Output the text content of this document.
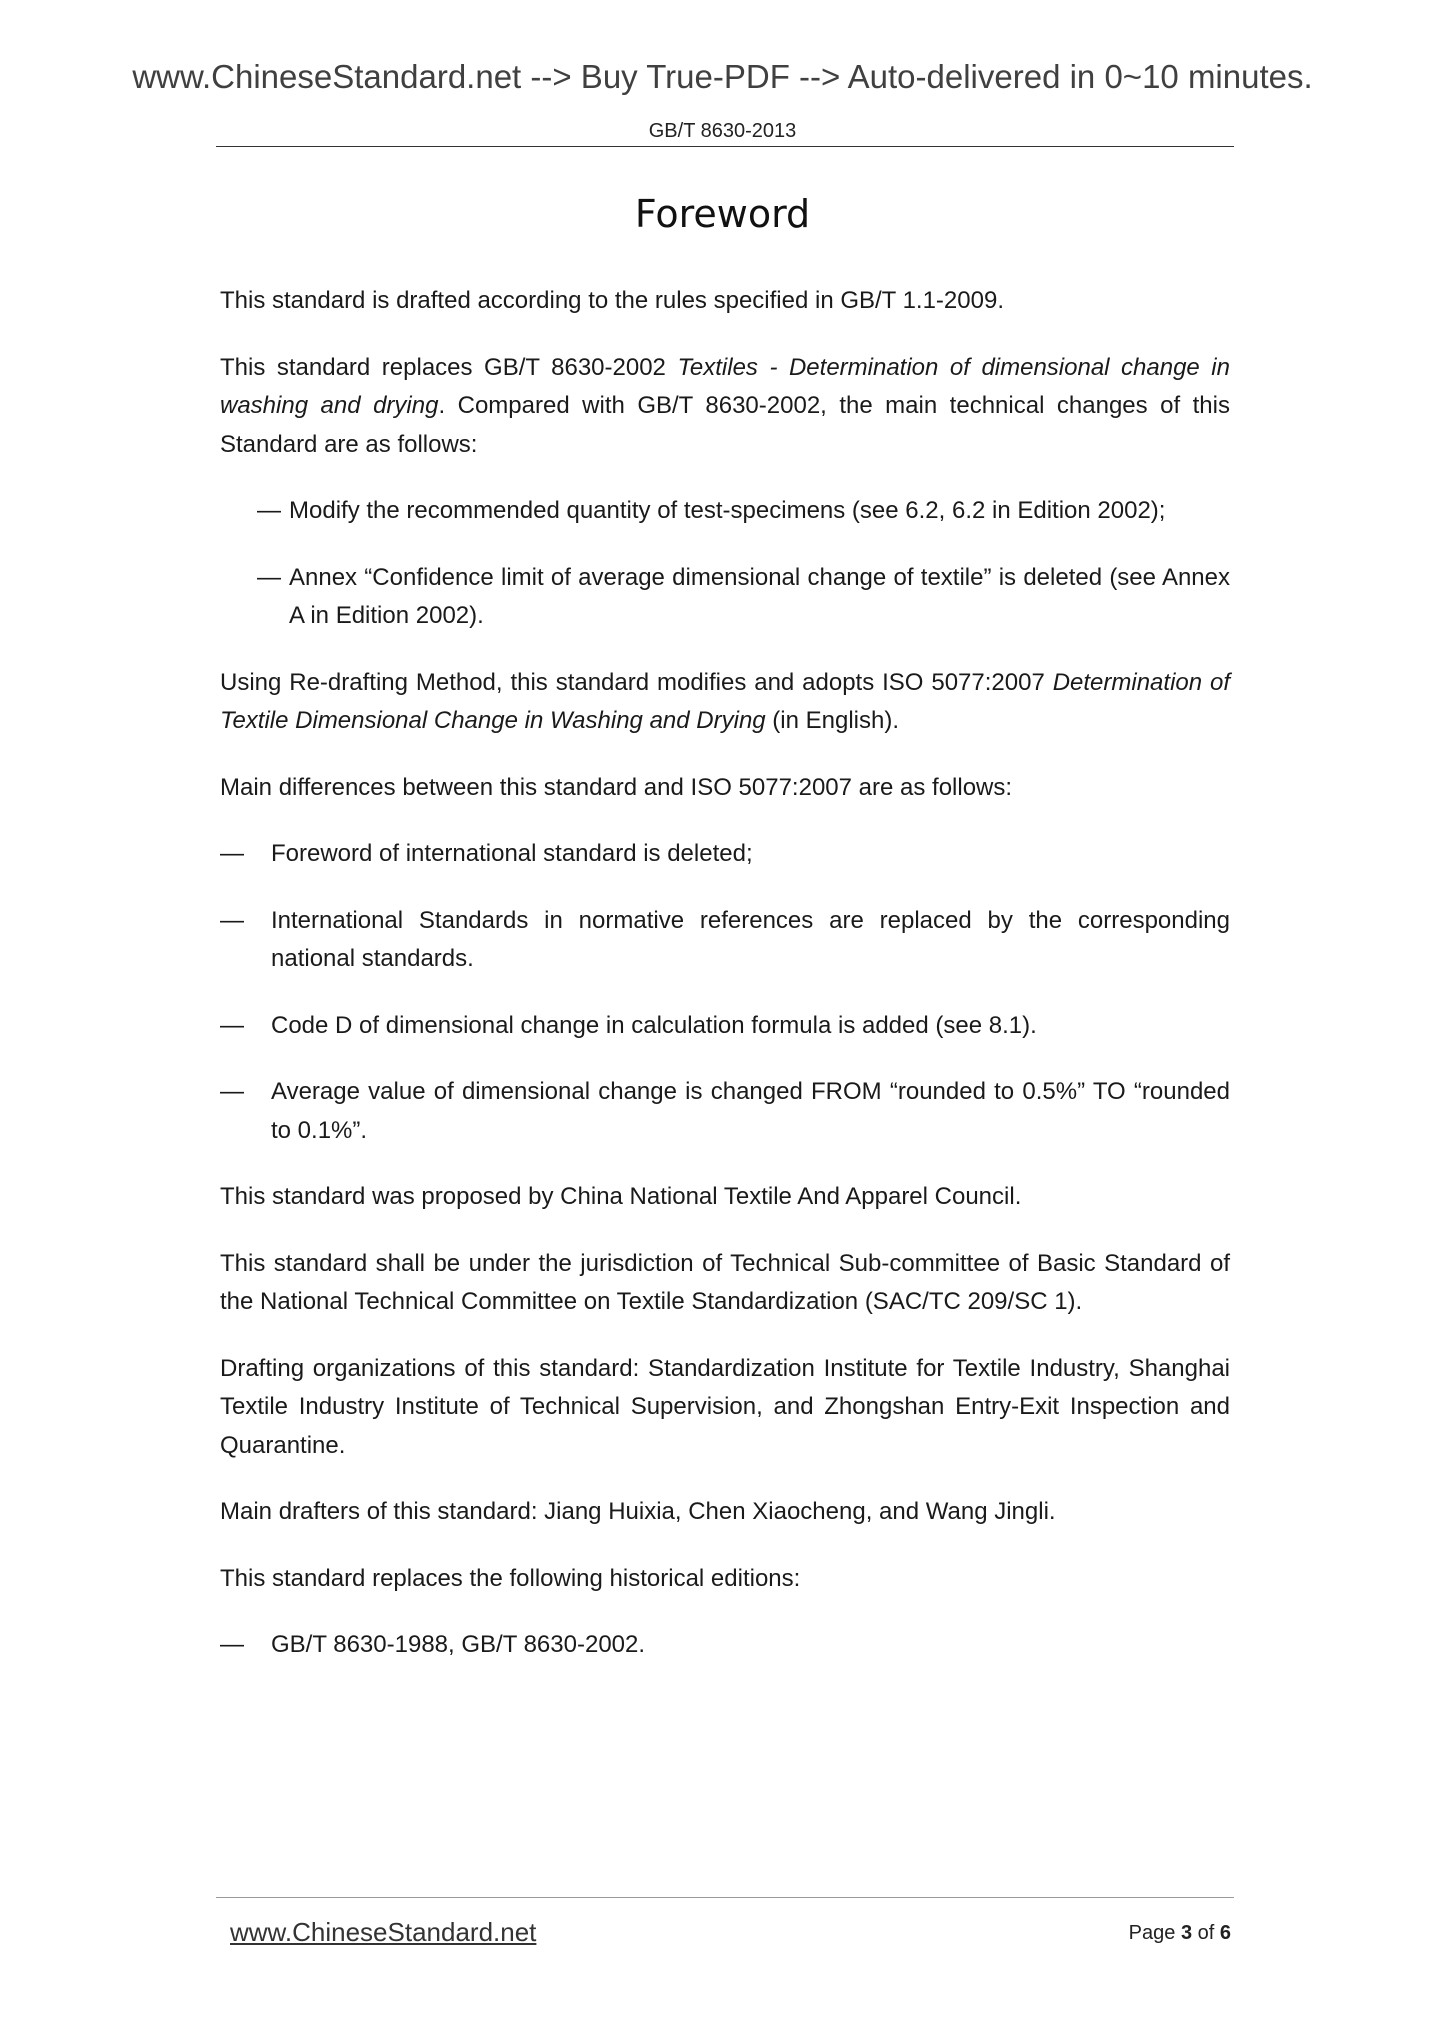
www.ChineseStandard.net --> Buy True-PDF --> Auto-delivered in 0~10 minutes.
GB/T 8630-2013
Foreword

This standard is drafted according to the rules specified in GB/T 1.1-2009.

This standard replaces GB/T 8630-2002 Textiles - Determination of dimensional change in washing and drying. Compared with GB/T 8630-2002, the main technical changes of this Standard are as follows:

— Modify the recommended quantity of test-specimens (see 6.2, 6.2 in Edition 2002);
— Annex “Confidence limit of average dimensional change of textile” is deleted (see Annex A in Edition 2002).

Using Re-drafting Method, this standard modifies and adopts ISO 5077:2007 Determination of Textile Dimensional Change in Washing and Drying (in English).

Main differences between this standard and ISO 5077:2007 are as follows:

—	Foreword of international standard is deleted;
—	International Standards in normative references are replaced by the corresponding national standards.
—	Code D of dimensional change in calculation formula is added (see 8.1).
—	Average value of dimensional change is changed FROM “rounded to 0.5%” TO “rounded to 0.1%”.

This standard was proposed by China National Textile And Apparel Council.

This standard shall be under the jurisdiction of Technical Sub-committee of Basic Standard of the National Technical Committee on Textile Standardization (SAC/TC 209/SC 1).

Drafting organizations of this standard: Standardization Institute for Textile Industry, Shanghai Textile Industry Institute of Technical Supervision, and Zhongshan Entry-Exit Inspection and Quarantine.

Main drafters of this standard: Jiang Huixia, Chen Xiaocheng, and Wang Jingli.

This standard replaces the following historical editions:

—	GB/T 8630-1988, GB/T 8630-2002.
www.ChineseStandard.net	Page 3 of 6
